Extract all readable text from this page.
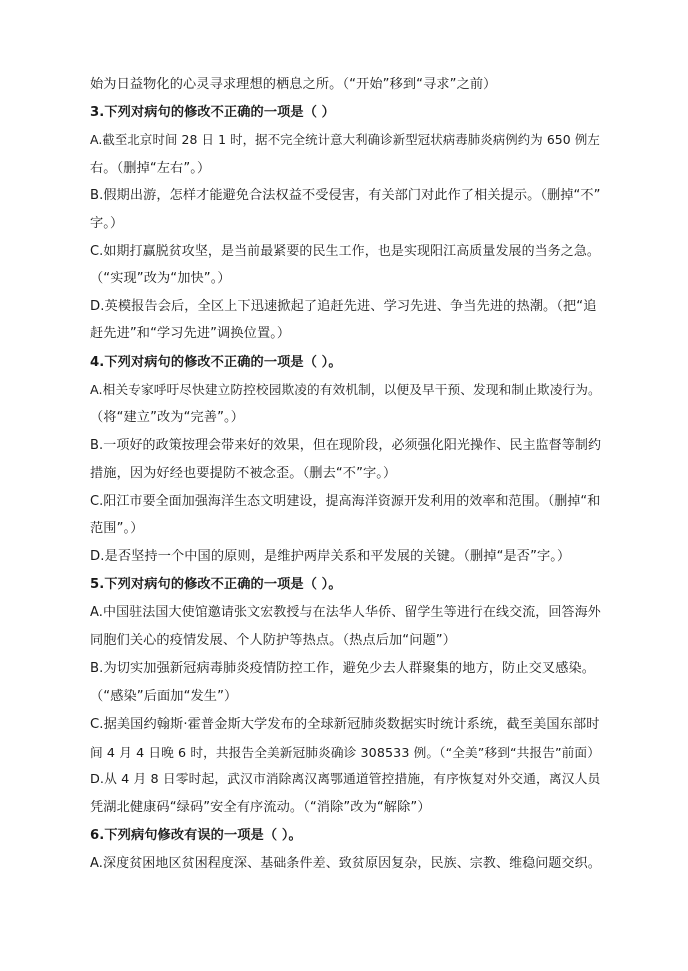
始为日益物化的心灵寻求理想的栖息之所。（“开始”移到“寻求”之前）
3.下列对病句的修改不正确的一项是（ ）
A.截至北京时间 28 日 1 时，据不完全统计意大利确诊新型冠状病毒肺炎病例约为 650 例左
右。（删掉“左右”。）
B.假期出游，怎样才能避免合法权益不受侵害，有关部门对此作了相关提示。（删掉“不”
字。）
C.如期打赢脱贫攻坚，是当前最紧要的民生工作，也是实现阳江高质量发展的当务之急。
（“实现”改为“加快”。）
D.英模报告会后，全区上下迅速掀起了追赶先进、学习先进、争当先进的热潮。（把“追
赶先进”和“学习先进”调换位置。）
4.下列对病句的修改不正确的一项是（ ）。
A.相关专家呼吁尽快建立防控校园欺凌的有效机制，以便及早干预、发现和制止欺凌行为。
（将“建立”改为“完善”。）
B.一项好的政策按理会带来好的效果，但在现阶段，必须强化阳光操作、民主监督等制约
措施，因为好经也要提防不被念歪。（删去“不”字。）
C.阳江市要全面加强海洋生态文明建设，提高海洋资源开发利用的效率和范围。（删掉“和
范围”。）
D.是否坚持一个中国的原则，是维护两岸关系和平发展的关键。（删掉“是否”字。）
5.下列对病句的修改不正确的一项是（ ）。
A.中国驻法国大使馆邀请张文宏教授与在法华人华侨、留学生等进行在线交流，回答海外
同胞们关心的疫情发展、个人防护等热点。（热点后加“问题”）
B.为切实加强新冠病毒肺炎疫情防控工作，避免少去人群聚集的地方，防止交叉感染。
（“感染”后面加“发生”）
C.据美国约翰斯·霍普金斯大学发布的全球新冠肺炎数据实时统计系统，截至美国东部时
间 4 月 4 日晚 6 时，共报告全美新冠肺炎确诊 308533 例。（“全美”移到“共报告”前面）
D.从 4 月 8 日零时起，武汉市消除离汉离鄂通道管控措施，有序恢复对外交通，离汉人员
凭湖北健康码“绿码”安全有序流动。（“消除”改为“解除”）
6.下列病句修改有误的一项是（ ）。
A.深度贫困地区贫困程度深、基础条件差、致贫原因复杂，民族、宗教、维稳问题交织。
